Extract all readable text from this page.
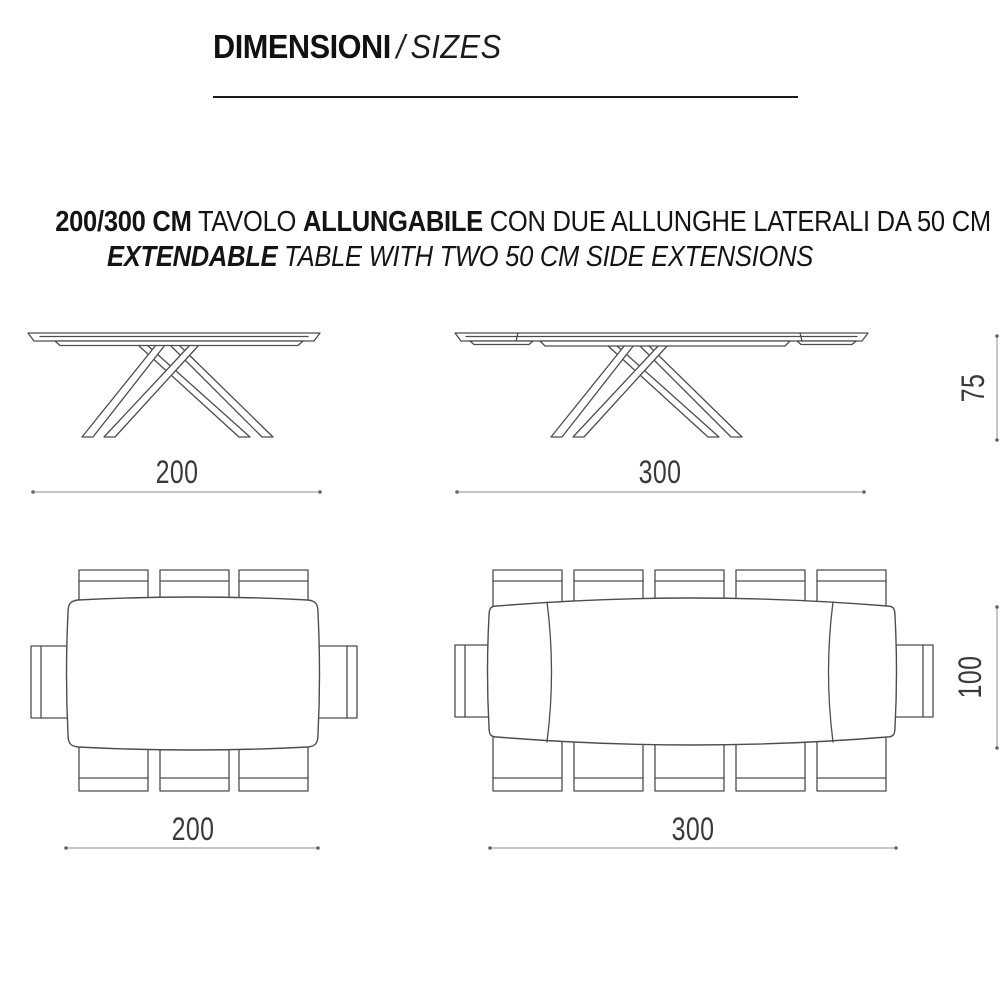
DIMENSIONI / SIZES
200/300 CM TAVOLO ALLUNGABILE CON DUE ALLUNGHE LATERALI DA 50 CM
EXTENDABLE TABLE WITH TWO 50 CM SIDE EXTENSIONS
200	300
75
200	300
100
